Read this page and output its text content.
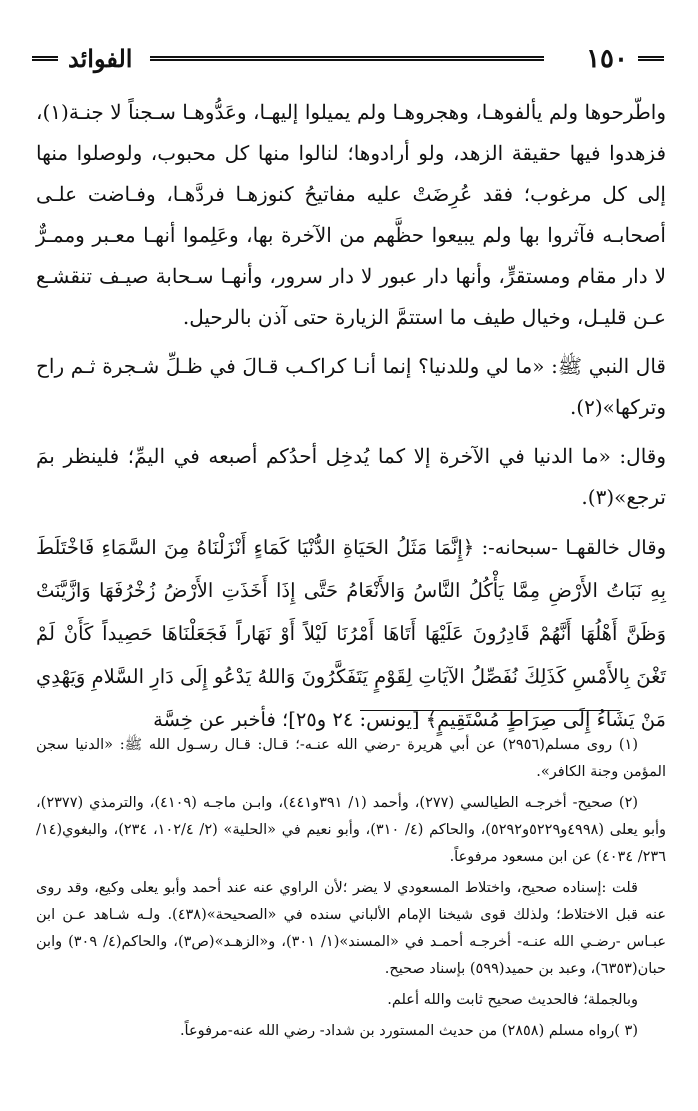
١٥٠
الفوائد

واطّرحوها ولم يألفوهـا، وهجروهـا ولم يميلوا إليهـا، وعَدُّوهـا سـجناً لا جنـة(١)، فزهدوا فيها حقيقة الزهد، ولو أرادوها؛ لنالوا منها كل محبوب، ولوصلوا منها إلى كل مرغوب؛ فقد عُرِضَتْ عليه مفاتيحُ كنوزهـا فردَّهـا، وفـاضت علـى أصحابـه فآثروا بها ولم يبيعوا حظَّهم من الآخرة بها، وعَلِموا أنهـا معـبر وممـرٌّ لا دار مقام ومستقرٍّ، وأنها دار عبور لا دار سرور، وأنهـا سـحابة صيـف تنقشـع عـن قليـل، وخيال طيف ما استتمَّ الزيارة حتى آذن بالرحيل.

قال النبي ﷺ: «ما لي وللدنيا؟ إنما أنـا كراكـب قـالَ في ظـلِّ شـجرة ثـم راح وتركها»(٢).

وقال: «ما الدنيا في الآخرة إلا كما يُدخِل أحدُكم أصبعه في اليمِّ؛ فلينظر بمَ ترجع»(٣).

وقال خالقهـا -سبحانه-: ﴿إِنَّمَا مَثَلُ الحَيَاةِ الدُّنْيَا كَمَاءٍ أَنْزَلْنَاهُ مِنَ السَّمَاءِ فَاخْتَلَطَ بِهِ نَبَاتُ الأَرْضِ مِمَّا يَأْكُلُ النَّاسُ وَالأَنْعَامُ حَتَّى إِذَا أَخَذَتِ الأَرْضُ زُخْرُفَهَا وَازَّيَّنَتْ وَظَنَّ أَهْلُهَا أَنَّهُمْ قَادِرُونَ عَلَيْهَا أَتَاهَا أَمْرُنَا لَيْلاً أَوْ نَهَاراً فَجَعَلْنَاهَا حَصِيداً كَأَنْ لَمْ تَغْنَ بِالأَمْسِ كَذَلِكَ نُفَصِّلُ الآيَاتِ لِقَوْمٍ يَتَفَكَّرُونَ وَاللهُ يَدْعُو إِلَى دَارِ السَّلامِ وَيَهْدِي مَنْ يَشَاءُ إِلَى صِرَاطٍ مُسْتَقِيمٍ﴾ [يونس: ٢٤ و٢٥]؛ فأخبر عن خِسَّة

(١) روى مسلم(٢٩٥٦) عن أبي هريرة -رضي الله عنـه-؛ قـال: قـال رسـول الله ﷺ: «الدنيا سجن المؤمن وجنة الكافر».

(٢) صحيح- أخرجـه الطيالسي (٢٧٧)، وأحمد (١/ ٣٩١و٤٤١)، وابـن ماجـه (٤١٠٩)، والترمذي (٢٣٧٧)، وأبو يعلى (٤٩٩٨و٥٢٢٩و٥٢٩٢)، والحاكم (٤/ ٣١٠)، وأبو نعيم في «الحلية» (٢/ ١٠٢/٤، ٢٣٤)، والبغوي(١٤/ ٢٣٦/ ٤٠٣٤) عن ابن مسعود مرفوعاً.

قلت :إسناده صحيح، واختلاط المسعودي لا يضر ؛لأن الراوي عنه عند أحمد وأبو يعلى وكيع، وقد روى عنه قبل الاختلاط؛ ولذلك قوى شيخنا الإمام الألباني سنده في «الصحيحة»(٤٣٨). ولـه شـاهد عـن ابن عبـاس -رضـي الله عنـه- أخرجـه أحمـد في «المسند»(١/ ٣٠١)، و«الزهـد»(ص٣)، والحاكم(٤/ ٣٠٩) وابن حبان(٦٣٥٣)، وعبد بن حميد(٥٩٩) بإسناد صحيح.

وبالجملة؛ فالحديث صحيح ثابت والله أعلم.

(٣ )رواه مسلم (٢٨٥٨) من حديث المستورد بن شداد- رضي الله عنه-مرفوعاً.
